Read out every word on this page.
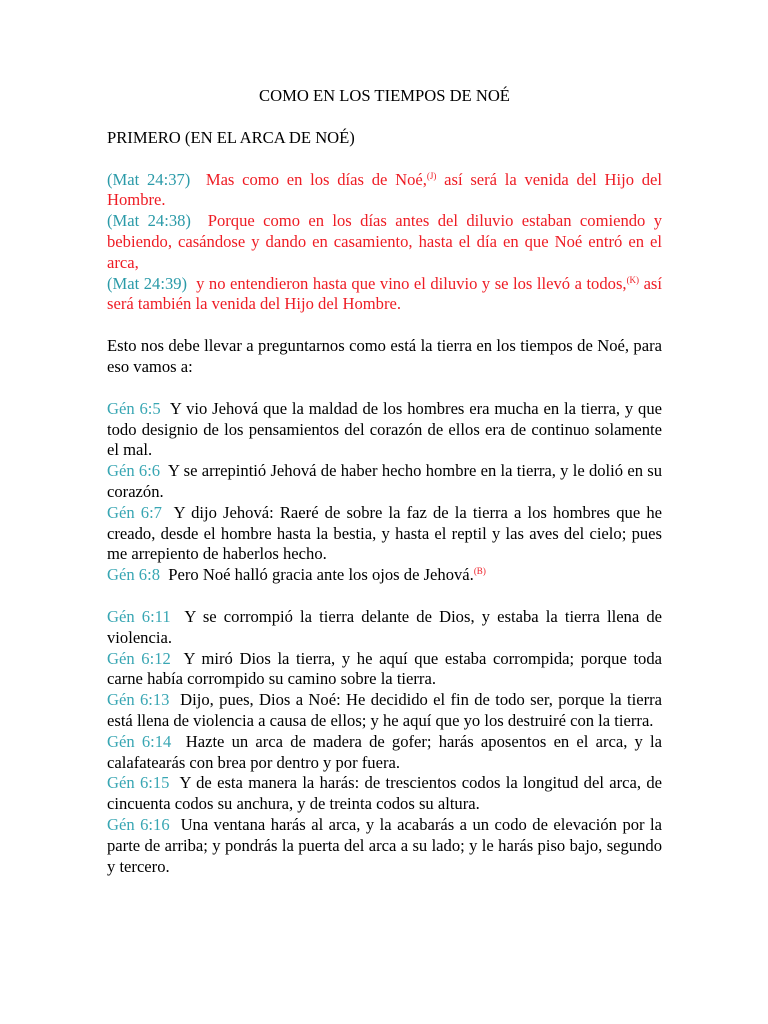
COMO EN LOS TIEMPOS DE NOÉ

PRIMERO (EN EL ARCA DE NOÉ)

(Mat 24:37) Mas como en los días de Noé,$^{(J)}$ así será la venida del Hijo del Hombre.

(Mat 24:38) Porque como en los días antes del diluvio estaban comiendo y bebiendo, casándose y dando en casamiento, hasta el día en que Noé entró en el arca,

(Mat 24:39) y no entendieron hasta que vino el diluvio y se los llevó a todos,$^{(K)}$ así será también la venida del Hijo del Hombre.

Esto nos debe llevar a preguntarnos como está la tierra en los tiempos de Noé, para eso vamos a:

Gén 6:5 Y vio Jehová que la maldad de los hombres era mucha en la tierra, y que todo designio de los pensamientos del corazón de ellos era de continuo solamente el mal.

Gén 6:6 Y se arrepintió Jehová de haber hecho hombre en la tierra, y le dolió en su corazón.

Gén 6:7 Y dijo Jehová: Raeré de sobre la faz de la tierra a los hombres que he creado, desde el hombre hasta la bestia, y hasta el reptil y las aves del cielo; pues me arrepiento de haberlos hecho.

Gén 6:8 Pero Noé halló gracia ante los ojos de Jehová.$^{(B)}$

Gén 6:11 Y se corrompió la tierra delante de Dios, y estaba la tierra llena de violencia.

Gén 6:12 Y miró Dios la tierra, y he aquí que estaba corrompida; porque toda carne había corrompido su camino sobre la tierra.

Gén 6:13 Dijo, pues, Dios a Noé: He decidido el fin de todo ser, porque la tierra está llena de violencia a causa de ellos; y he aquí que yo los destruiré con la tierra.

Gén 6:14 Hazte un arca de madera de gofer; harás aposentos en el arca, y la calafatearás con brea por dentro y por fuera.

Gén 6:15 Y de esta manera la harás: de trescientos codos la longitud del arca, de cincuenta codos su anchura, y de treinta codos su altura.

Gén 6:16 Una ventana harás al arca, y la acabarás a un codo de elevación por la parte de arriba; y pondrás la puerta del arca a su lado; y le harás piso bajo, segundo y tercero.
